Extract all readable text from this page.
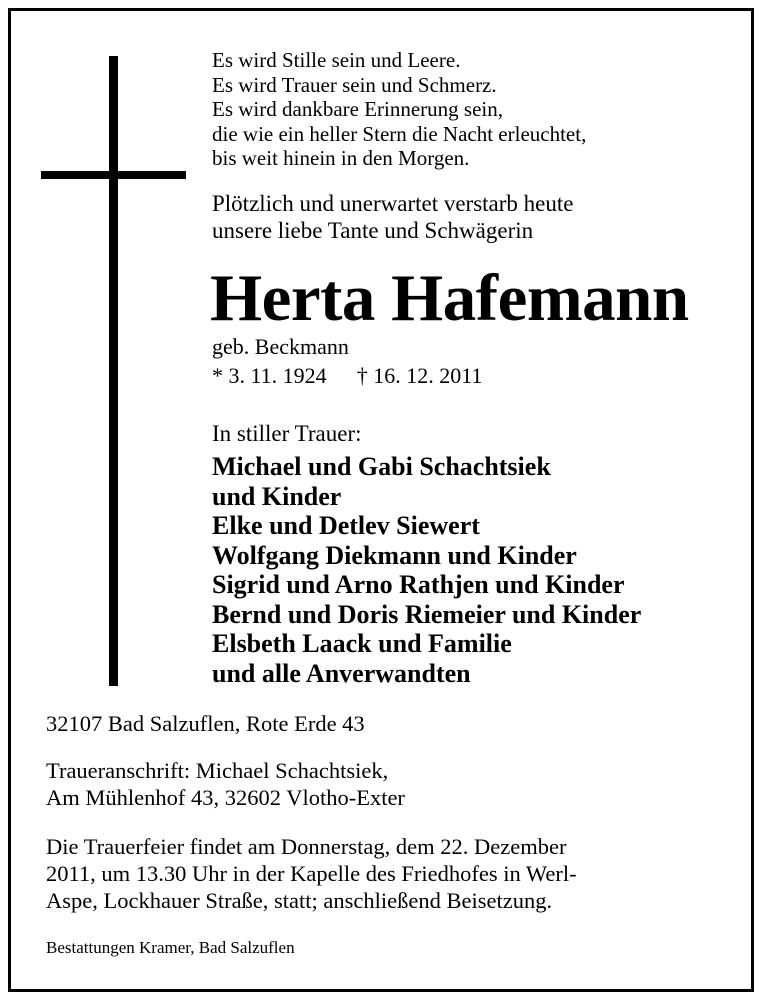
Es wird Stille sein und Leere.
Es wird Trauer sein und Schmerz.
Es wird dankbare Erinnerung sein,
die wie ein heller Stern die Nacht erleuchtet,
bis weit hinein in den Morgen.
Plötzlich und unerwartet verstarb heute
unsere liebe Tante und Schwägerin
Herta Hafemann
geb. Beckmann
* 3. 11. 1924 † 16. 12. 2011
In stiller Trauer:
Michael und Gabi Schachtsiek
und Kinder
Elke und Detlev Siewert
Wolfgang Diekmann und Kinder
Sigrid und Arno Rathjen und Kinder
Bernd und Doris Riemeier und Kinder
Elsbeth Laack und Familie
und alle Anverwandten
32107 Bad Salzuflen, Rote Erde 43
Traueranschrift: Michael Schachtsiek,
Am Mühlenhof 43, 32602 Vlotho-Exter
Die Trauerfeier findet am Donnerstag, dem 22. Dezember
2011, um 13.30 Uhr in der Kapelle des Friedhofes in Werl-
Aspe, Lockhauer Straße, statt; anschließend Beisetzung.
Bestattungen Kramer, Bad Salzuflen
